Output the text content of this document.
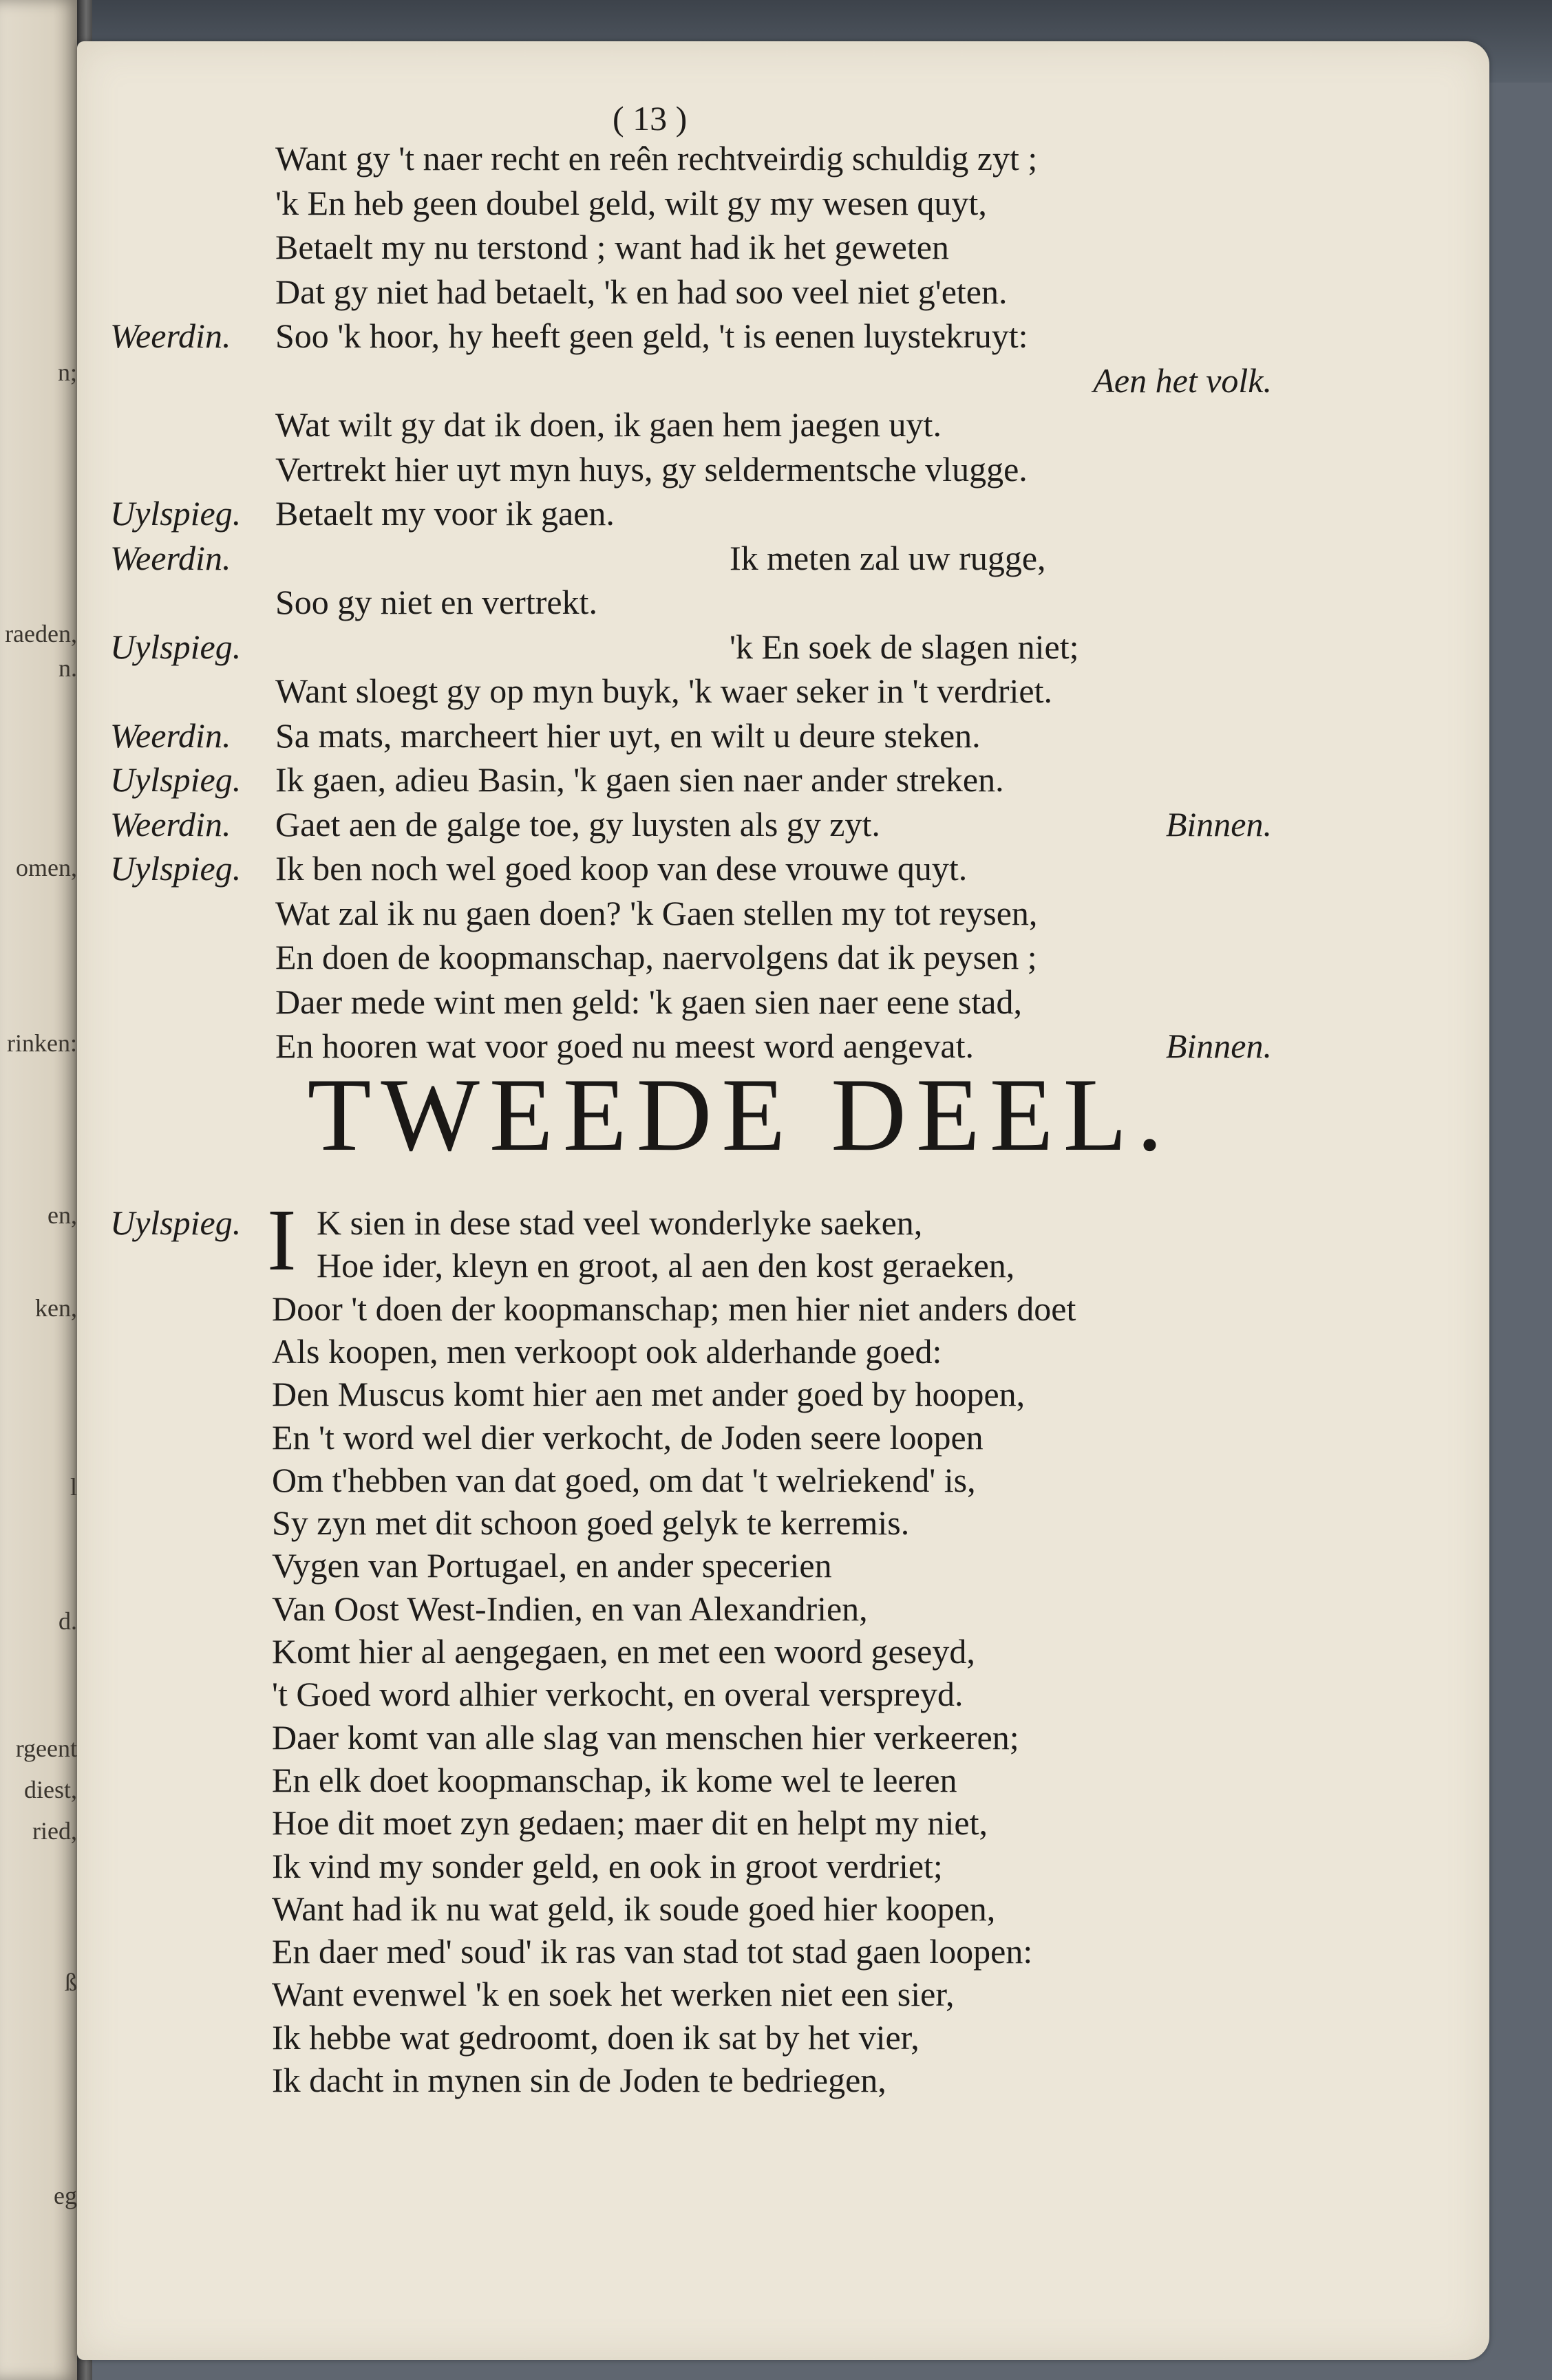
n;
raeden,
n.
omen,
rinken:
en,
ken,
l
d.
rgeent
diest,
ried,
ß
eg
( 13 )
Want gy 't naer recht en reên rechtveirdig schuldig zyt ;
'k En heb geen doubel geld, wilt gy my wesen quyt,
Betaelt my nu terstond ; want had ik het geweten
Dat gy niet had betaelt, 'k en had soo veel niet g'eten.
Weerdin. Soo 'k hoor, hy heeft geen geld, 't is eenen luystekruyt:
Aen het volk.
Wat wilt gy dat ik doen, ik gaen hem jaegen uyt.
Vertrekt hier uyt myn huys, gy seldermentsche vlugge.
Uylspieg. Betaelt my voor ik gaen.
Weerdin.	Ik meten zal uw rugge,
Soo gy niet en vertrekt.
Uylspieg.	'k En soek de slagen niet;
Want sloegt gy op myn buyk, 'k waer seker in 't verdriet.
Weerdin. Sa mats, marcheert hier uyt, en wilt u deure steken.
Uylspieg. Ik gaen, adieu Basin, 'k gaen sien naer ander streken.
Weerdin. Gaet aen de galge toe, gy luysten als gy zyt.	Binnen.
Uylspieg. Ik ben noch wel goed koop van dese vrouwe quyt.
Wat zal ik nu gaen doen? 'k Gaen stellen my tot reysen,
En doen de koopmanschap, naervolgens dat ik peysen ;
Daer mede wint men geld: 'k gaen sien naer eene stad,
En hooren wat voor goed nu meest word aengevat.	Binnen.
TWEEDE DEEL.
Uylspieg. I K sien in dese stad veel wonderlyke saeken,
Hoe ider, kleyn en groot, al aen den kost geraeken,
Door 't doen der koopmanschap; men hier niet anders doet
Als koopen, men verkoopt ook alderhande goed:
Den Muscus komt hier aen met ander goed by hoopen,
En 't word wel dier verkocht, de Joden seere loopen
Om t'hebben van dat goed, om dat 't welriekend' is,
Sy zyn met dit schoon goed gelyk te kerremis.
Vygen van Portugael, en ander specerien
Van Oost West-Indien, en van Alexandrien,
Komt hier al aengegaen, en met een woord geseyd,
't Goed word alhier verkocht, en overal verspreyd.
Daer komt van alle slag van menschen hier verkeeren;
En elk doet koopmanschap, ik kome wel te leeren
Hoe dit moet zyn gedaen; maer dit en helpt my niet,
Ik vind my sonder geld, en ook in groot verdriet;
Want had ik nu wat geld, ik soude goed hier koopen,
En daer med' soud' ik ras van stad tot stad gaen loopen:
Want evenwel 'k en soek het werken niet een sier,
Ik hebbe wat gedroomt, doen ik sat by het vier,
Ik dacht in mynen sin de Joden te bedriegen,
